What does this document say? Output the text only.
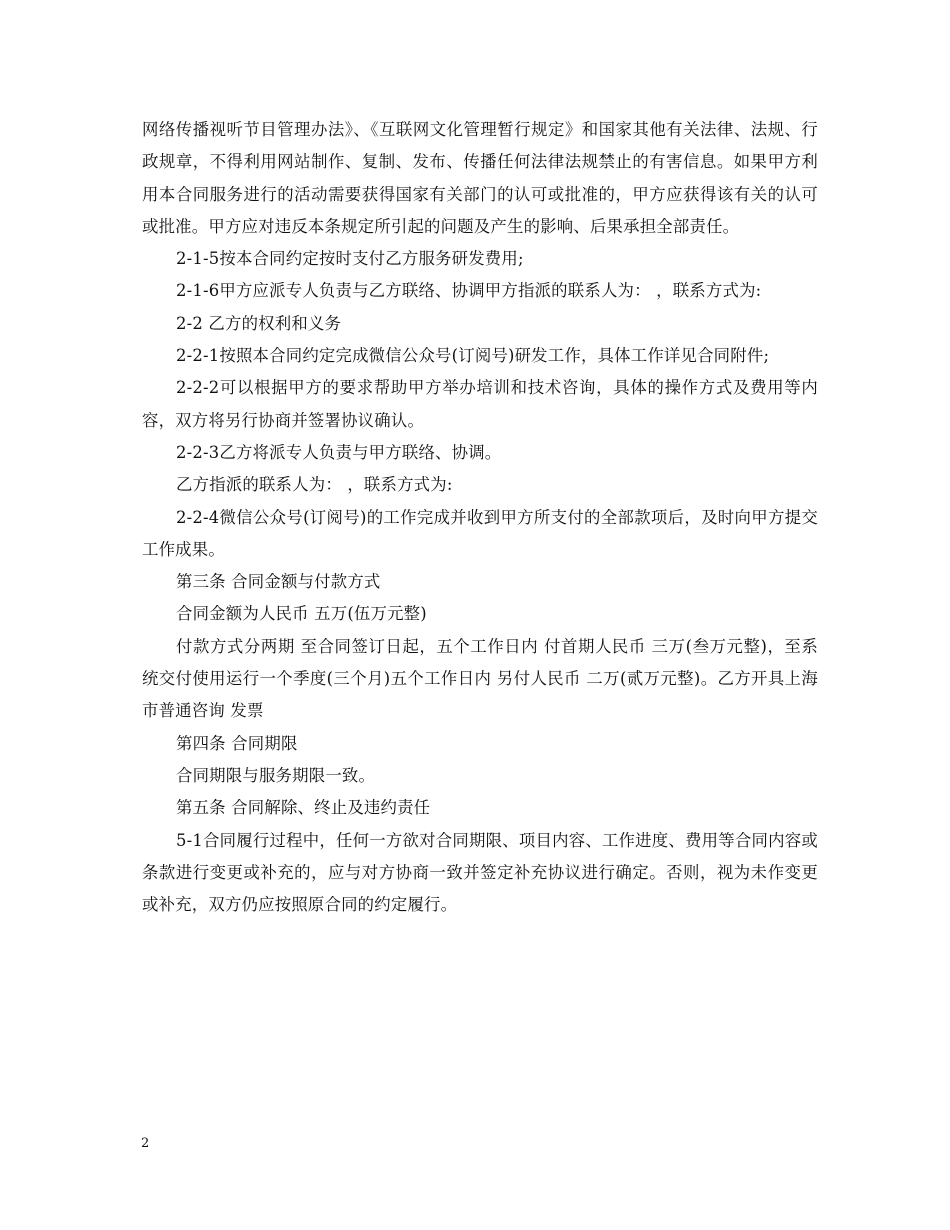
网络传播视听节目管理办法》、《互联网文化管理暂行规定》和国家其他有关法律、法规、行政规章，不得利用网站制作、复制、发布、传播任何法律法规禁止的有害信息。如果甲方利用本合同服务进行的活动需要获得国家有关部门的认可或批准的，甲方应获得该有关的认可或批准。甲方应对违反本条规定所引起的问题及产生的影响、后果承担全部责任。

2-1-5按本合同约定按时支付乙方服务研发费用;

2-1-6甲方应派专人负责与乙方联络、协调甲方指派的联系人为： ，联系方式为:

2-2 乙方的权利和义务

2-2-1按照本合同约定完成微信公众号(订阅号)研发工作，具体工作详见合同附件;

2-2-2可以根据甲方的要求帮助甲方举办培训和技术咨询，具体的操作方式及费用等内容，双方将另行协商并签署协议确认。

2-2-3乙方将派专人负责与甲方联络、协调。

乙方指派的联系人为： ，联系方式为:

2-2-4微信公众号(订阅号)的工作完成并收到甲方所支付的全部款项后，及时向甲方提交工作成果。

第三条 合同金额与付款方式

合同金额为人民币 五万(伍万元整)

付款方式分两期 至合同签订日起，五个工作日内 付首期人民币 三万(叁万元整)，至系统交付使用运行一个季度(三个月)五个工作日内 另付人民币 二万(贰万元整)。乙方开具上海市普通咨询 发票

第四条 合同期限

合同期限与服务期限一致。

第五条 合同解除、终止及违约责任

5-1合同履行过程中，任何一方欲对合同期限、项目内容、工作进度、费用等合同内容或条款进行变更或补充的，应与对方协商一致并签定补充协议进行确定。否则，视为未作变更或补充，双方仍应按照原合同的约定履行。

2
